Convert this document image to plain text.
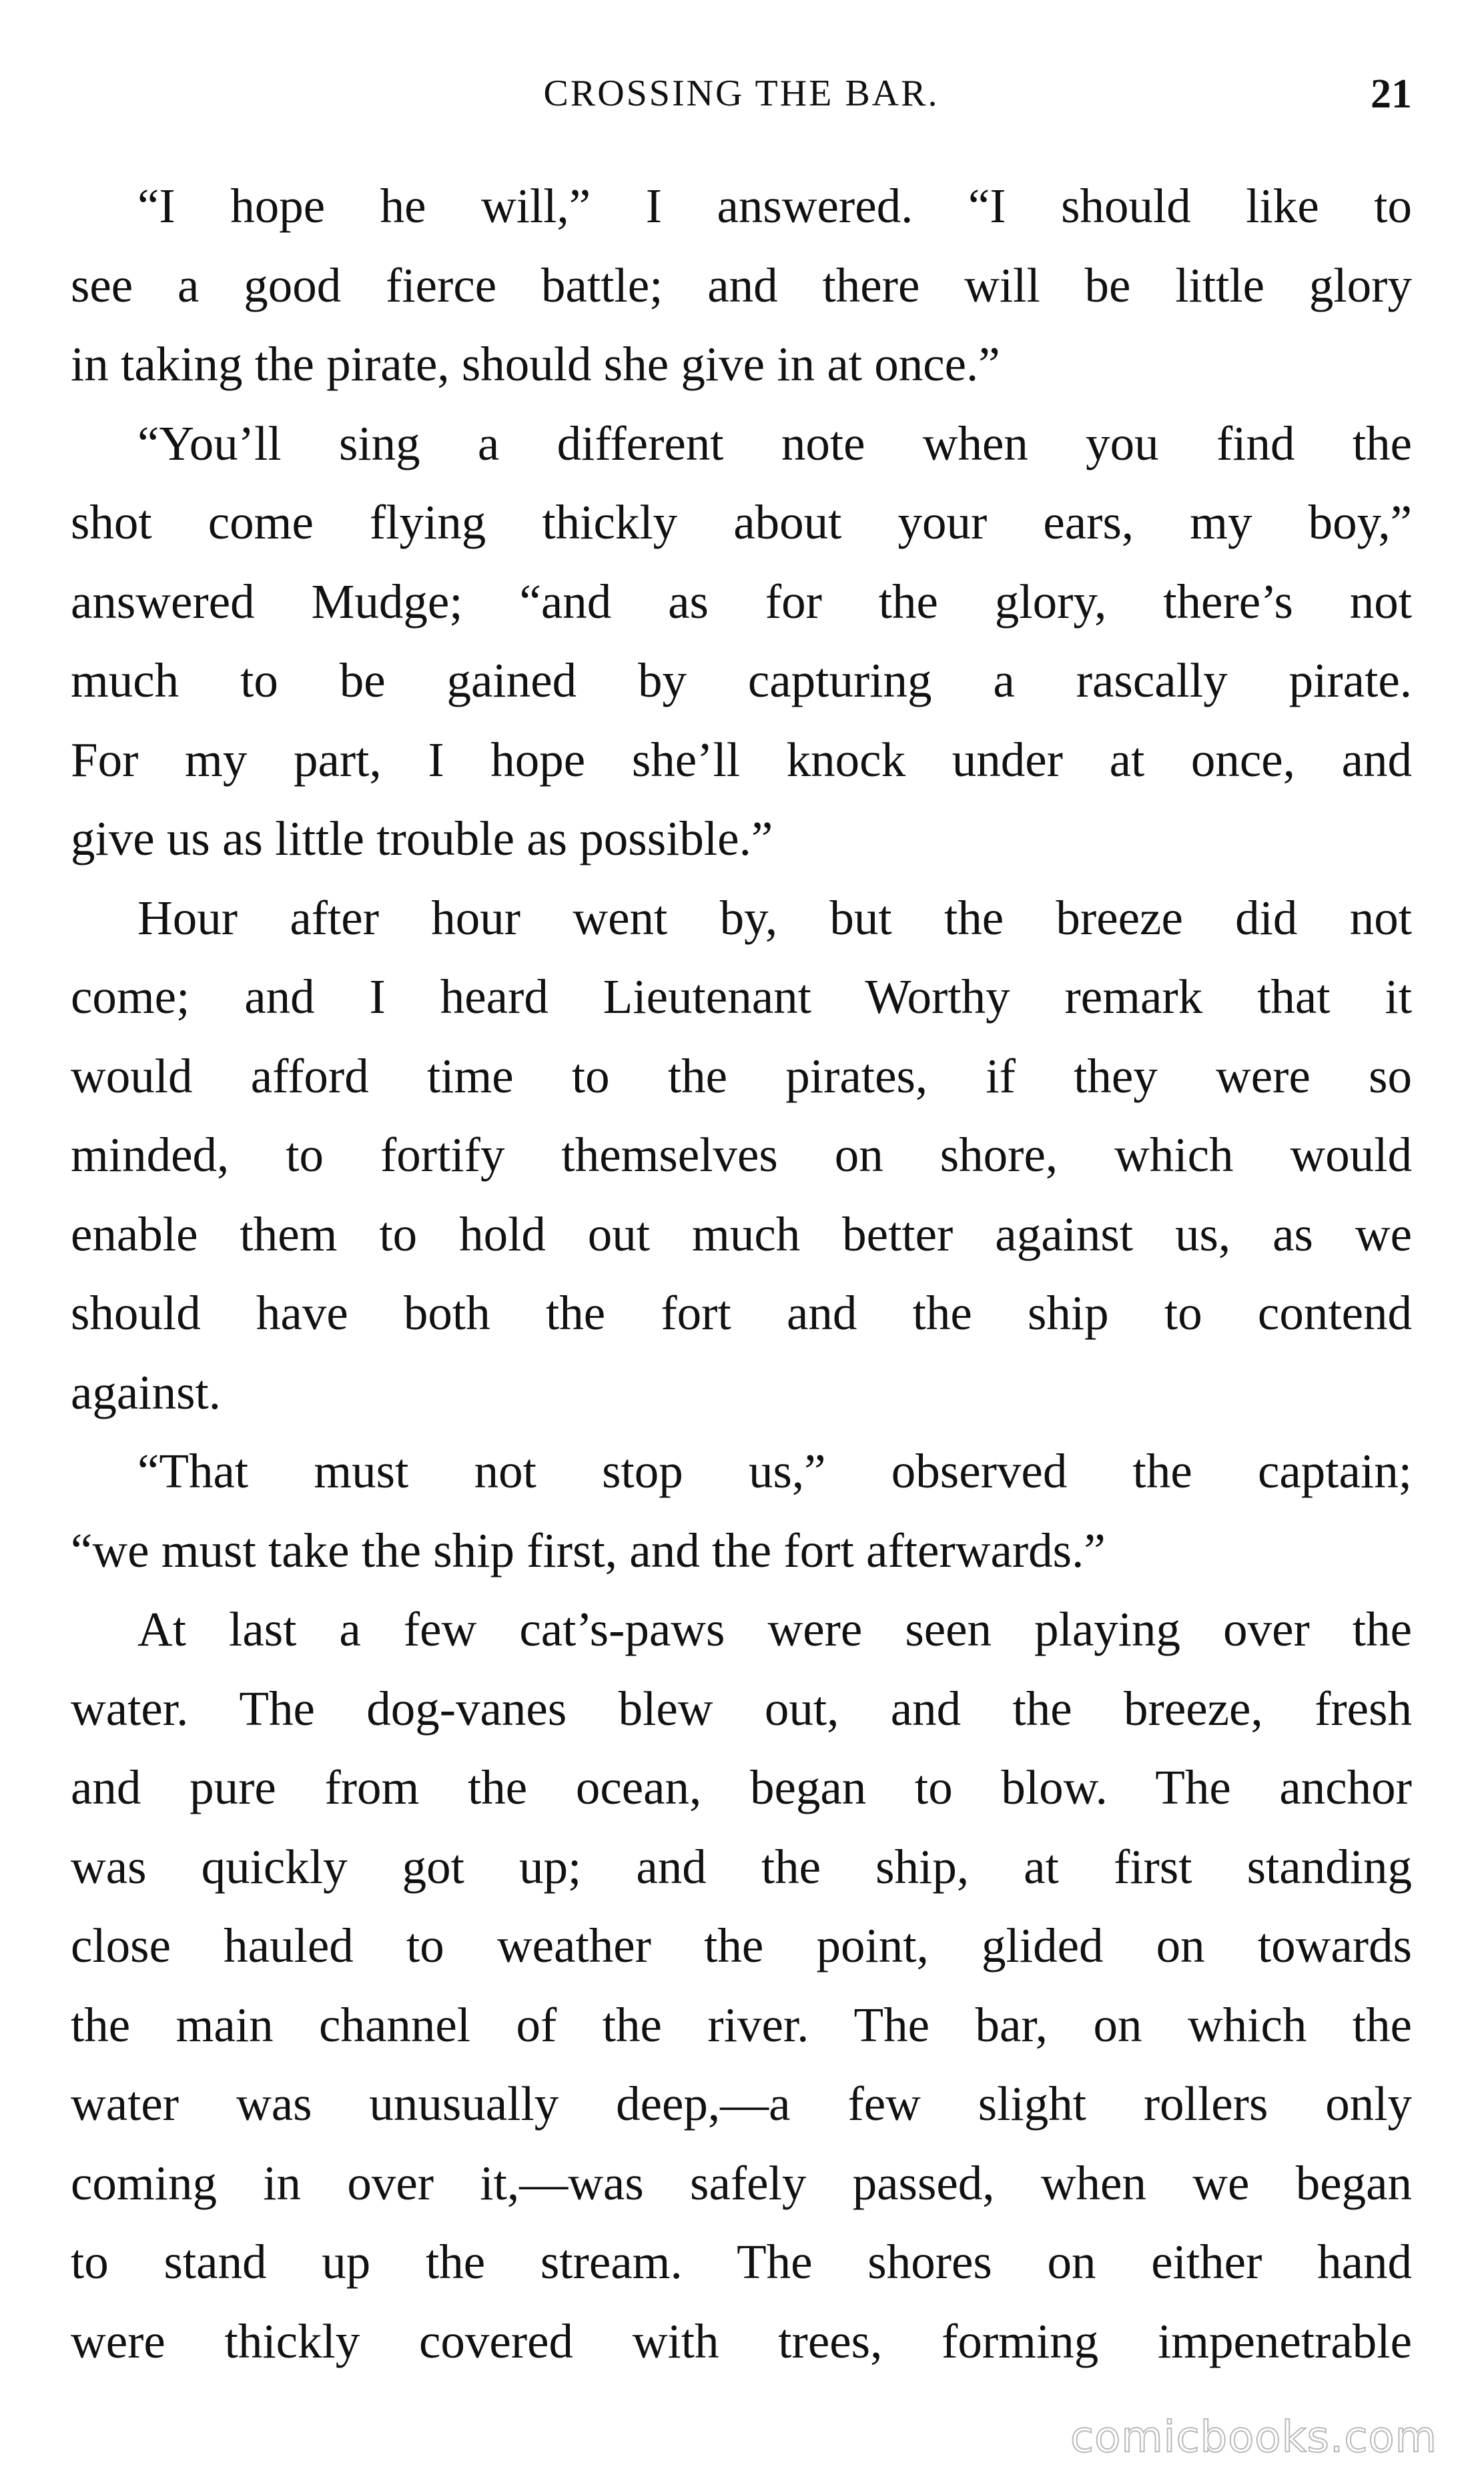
CROSSING THE BAR.	21
“I hope he will,” I answered. “I should like to
see a good fierce battle; and there will be little glory
in taking the pirate, should she give in at once.”
“You’ll sing a different note when you find the
shot come flying thickly about your ears, my boy,”
answered Mudge; “and as for the glory, there’s not
much to be gained by capturing a rascally pirate.
For my part, I hope she’ll knock under at once, and
give us as little trouble as possible.”
Hour after hour went by, but the breeze did not
come; and I heard Lieutenant Worthy remark that it
would afford time to the pirates, if they were so
minded, to fortify themselves on shore, which would
enable them to hold out much better against us, as we
should have both the fort and the ship to contend
against.
“That must not stop us,” observed the captain;
“we must take the ship first, and the fort afterwards.”
At last a few cat’s-paws were seen playing over the
water. The dog-vanes blew out, and the breeze, fresh
and pure from the ocean, began to blow. The anchor
was quickly got up; and the ship, at first standing
close hauled to weather the point, glided on towards
the main channel of the river. The bar, on which the
water was unusually deep,—a few slight rollers only
coming in over it,—was safely passed, when we began
to stand up the stream. The shores on either hand
were thickly covered with trees, forming impenetrable
comicbooks.com
